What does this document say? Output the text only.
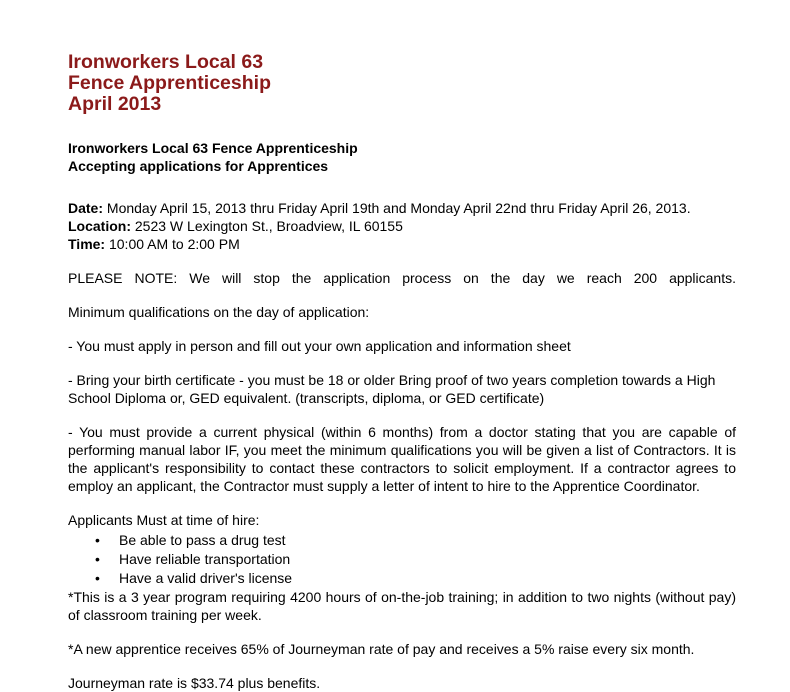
Ironworkers Local 63
Fence Apprenticeship
April 2013
Ironworkers Local 63 Fence Apprenticeship
Accepting applications for Apprentices
Date: Monday April 15, 2013 thru Friday April 19th and Monday April 22nd thru Friday April 26, 2013.
Location: 2523 W Lexington St., Broadview, IL 60155
Time: 10:00 AM to 2:00 PM
PLEASE NOTE: We will stop the application process on the day we reach 200 applicants.

Minimum qualifications on the day of application:

- You must apply in person and fill out your own application and information sheet

- Bring your birth certificate - you must be 18 or older Bring proof of two years completion towards a High School Diploma or, GED equivalent. (transcripts, diploma, or GED certificate)

- You must provide a current physical (within 6 months) from a doctor stating that you are capable of performing manual labor IF, you meet the minimum qualifications you will be given a list of Contractors. It is the applicant's responsibility to contact these contractors to solicit employment. If a contractor agrees to employ an applicant, the Contractor must supply a letter of intent to hire to the Apprentice Coordinator.

Applicants Must at time of hire:

• Be able to pass a drug test
• Have reliable transportation
• Have a valid driver's license

*This is a 3 year program requiring 4200 hours of on-the-job training; in addition to two nights (without pay) of classroom training per week.

*A new apprentice receives 65% of Journeyman rate of pay and receives a 5% raise every six month.

Journeyman rate is $33.74 plus benefits.
